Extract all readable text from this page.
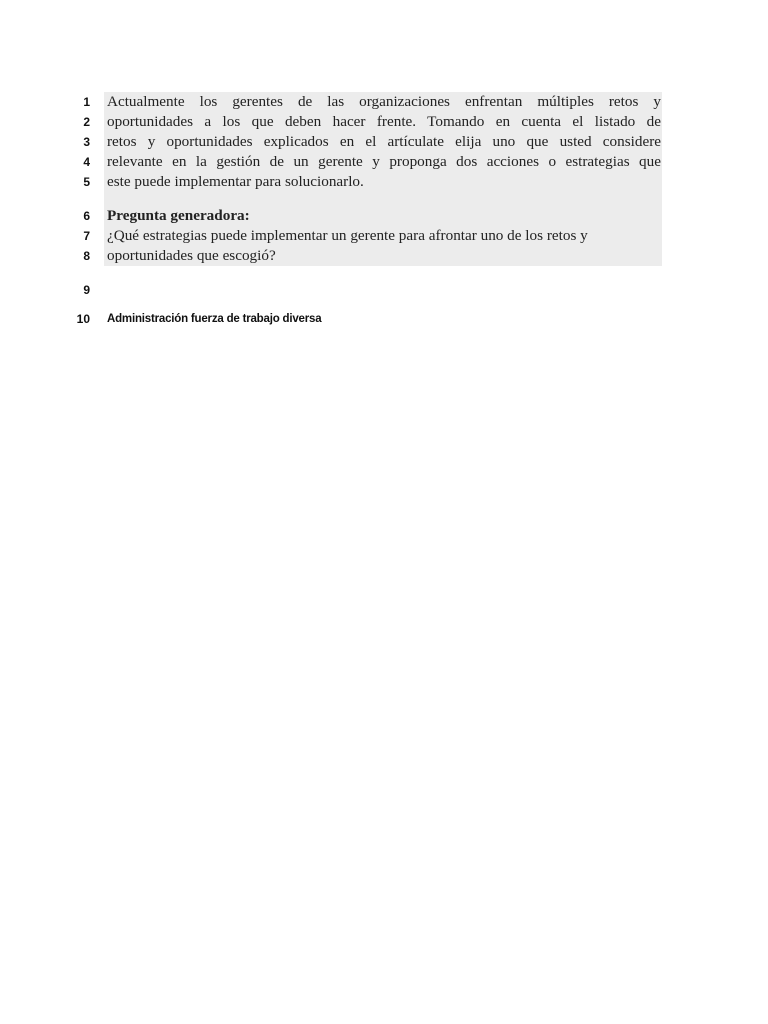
1 Actualmente los gerentes de las organizaciones enfrentan múltiples retos y
2 oportunidades a los que deben hacer frente. Tomando en cuenta el listado de
3 retos y oportunidades explicados en el artículate elija uno que usted considere
4 relevante en la gestión de un gerente y proponga dos acciones o estrategias que
5 este puede implementar para solucionarlo.
6 Pregunta generadora:
7 ¿Qué estrategias puede implementar un gerente para afrontar uno de los retos y
8 oportunidades que escogió?
9
10 Administración fuerza de trabajo diversa
